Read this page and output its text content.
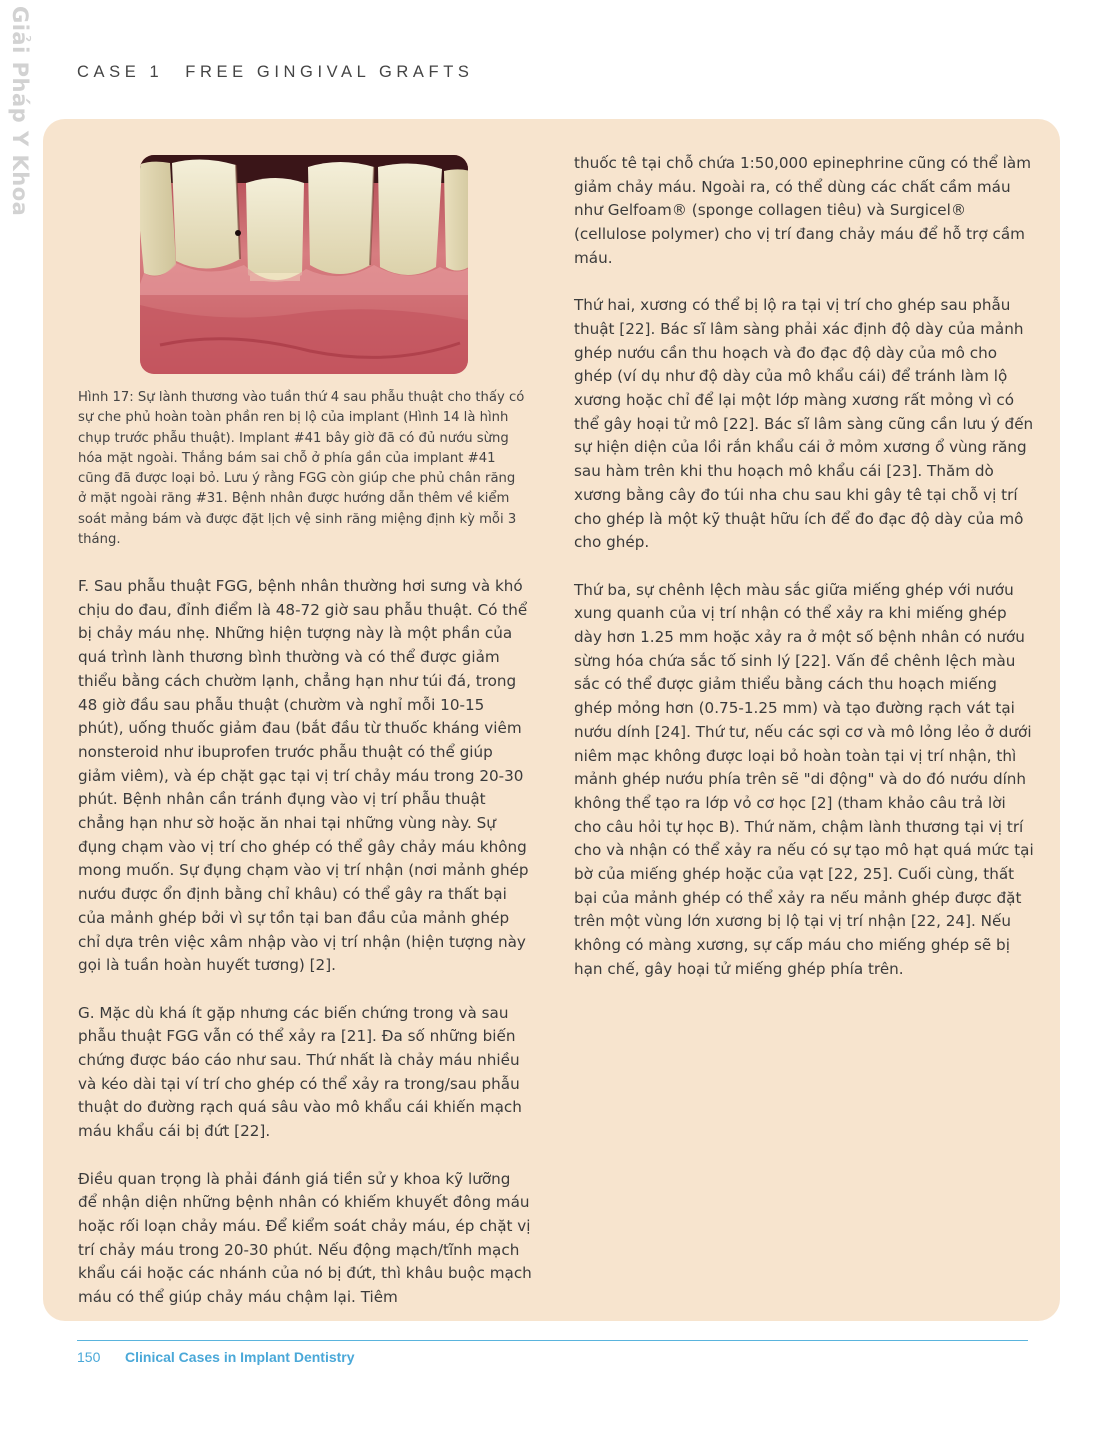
Giải Pháp Y Khoa	CASE 1 FREE GINGIVAL GRAFTS
Hình 17: Sự lành thương vào tuần thứ 4 sau phẫu thuật cho thấy có sự che phủ hoàn toàn phần ren bị lộ của implant (Hình 14 là hình chụp trước phẫu thuật). Implant #41 bây giờ đã có đủ nướu sừng hóa mặt ngoài. Thắng bám sai chỗ ở phía gần của implant #41 cũng đã được loại bỏ. Lưu ý rằng FGG còn giúp che phủ chân răng ở mặt ngoài răng #31. Bệnh nhân được hướng dẫn thêm về kiểm soát mảng bám và được đặt lịch vệ sinh răng miệng định kỳ mỗi 3 tháng.

F. Sau phẫu thuật FGG, bệnh nhân thường hơi sưng và khó chịu do đau, đỉnh điểm là 48-72 giờ sau phẫu thuật. Có thể bị chảy máu nhẹ. Những hiện tượng này là một phần của quá trình lành thương bình thường và có thể được giảm thiểu bằng cách chườm lạnh, chẳng hạn như túi đá, trong 48 giờ đầu sau phẫu thuật (chườm và nghỉ mỗi 10-15 phút), uống thuốc giảm đau (bắt đầu từ thuốc kháng viêm nonsteroid như ibuprofen trước phẫu thuật có thể giúp giảm viêm), và ép chặt gạc tại vị trí chảy máu trong 20-30 phút. Bệnh nhân cần tránh đụng vào vị trí phẫu thuật chẳng hạn như sờ hoặc ăn nhai tại những vùng này. Sự đụng chạm vào vị trí cho ghép có thể gây chảy máu không mong muốn. Sự đụng chạm vào vị trí nhận (nơi mảnh ghép nướu được ổn định bằng chỉ khâu) có thể gây ra thất bại của mảnh ghép bởi vì sự tồn tại ban đầu của mảnh ghép chỉ dựa trên việc xâm nhập vào vị trí nhận (hiện tượng này gọi là tuần hoàn huyết tương) [2].

G. Mặc dù khá ít gặp nhưng các biến chứng trong và sau phẫu thuật FGG vẫn có thể xảy ra [21]. Đa số những biến chứng được báo cáo như sau. Thứ nhất là chảy máu nhiều và kéo dài tại ví trí cho ghép có thể xảy ra trong/sau phẫu thuật do đường rạch quá sâu vào mô khẩu cái khiến mạch máu khẩu cái bị đứt [22].

Điều quan trọng là phải đánh giá tiền sử y khoa kỹ lưỡng để nhận diện những bệnh nhân có khiếm khuyết đông máu hoặc rối loạn chảy máu. Để kiểm soát chảy máu, ép chặt vị trí chảy máu trong 20-30 phút. Nếu động mạch/tĩnh mạch khẩu cái hoặc các nhánh của nó bị đứt, thì khâu buộc mạch máu có thể giúp chảy máu chậm lại. Tiêm

thuốc tê tại chỗ chứa 1:50,000 epinephrine cũng có thể làm giảm chảy máu. Ngoài ra, có thể dùng các chất cầm máu như Gelfoam® (sponge collagen tiêu) và Surgicel® (cellulose polymer) cho vị trí đang chảy máu để hỗ trợ cầm máu.

Thứ hai, xương có thể bị lộ ra tại vị trí cho ghép sau phẫu thuật [22]. Bác sĩ lâm sàng phải xác định độ dày của mảnh ghép nướu cần thu hoạch và đo đạc độ dày của mô cho ghép (ví dụ như độ dày của mô khẩu cái) để tránh làm lộ xương hoặc chỉ để lại một lớp màng xương rất mỏng vì có thể gây hoại tử mô [22]. Bác sĩ lâm sàng cũng cần lưu ý đến sự hiện diện của lồi rắn khẩu cái ở mỏm xương ổ vùng răng sau hàm trên khi thu hoạch mô khẩu cái [23]. Thăm dò xương bằng cây đo túi nha chu sau khi gây tê tại chỗ vị trí cho ghép là một kỹ thuật hữu ích để đo đạc độ dày của mô cho ghép.

Thứ ba, sự chênh lệch màu sắc giữa miếng ghép với nướu xung quanh của vị trí nhận có thể xảy ra khi miếng ghép dày hơn 1.25 mm hoặc xảy ra ở một số bệnh nhân có nướu sừng hóa chứa sắc tố sinh lý [22]. Vấn đề chênh lệch màu sắc có thể được giảm thiểu bằng cách thu hoạch miếng ghép mỏng hơn (0.75-1.25 mm) và tạo đường rạch vát tại nướu dính [24]. Thứ tư, nếu các sợi cơ và mô lỏng lẻo ở dưới niêm mạc không được loại bỏ hoàn toàn tại vị trí nhận, thì mảnh ghép nướu phía trên sẽ "di động" và do đó nướu dính không thể tạo ra lớp vỏ cơ học [2] (tham khảo câu trả lời cho câu hỏi tự học B). Thứ năm, chậm lành thương tại vị trí cho và nhận có thể xảy ra nếu có sự tạo mô hạt quá mức tại bờ của miếng ghép hoặc của vạt [22, 25]. Cuối cùng, thất bại của mảnh ghép có thể xảy ra nếu mảnh ghép được đặt trên một vùng lớn xương bị lộ tại vị trí nhận [22, 24]. Nếu không có màng xương, sự cấp máu cho miếng ghép sẽ bị hạn chế, gây hoại tử miếng ghép phía trên.

150 Clinical Cases in Implant Dentistry
